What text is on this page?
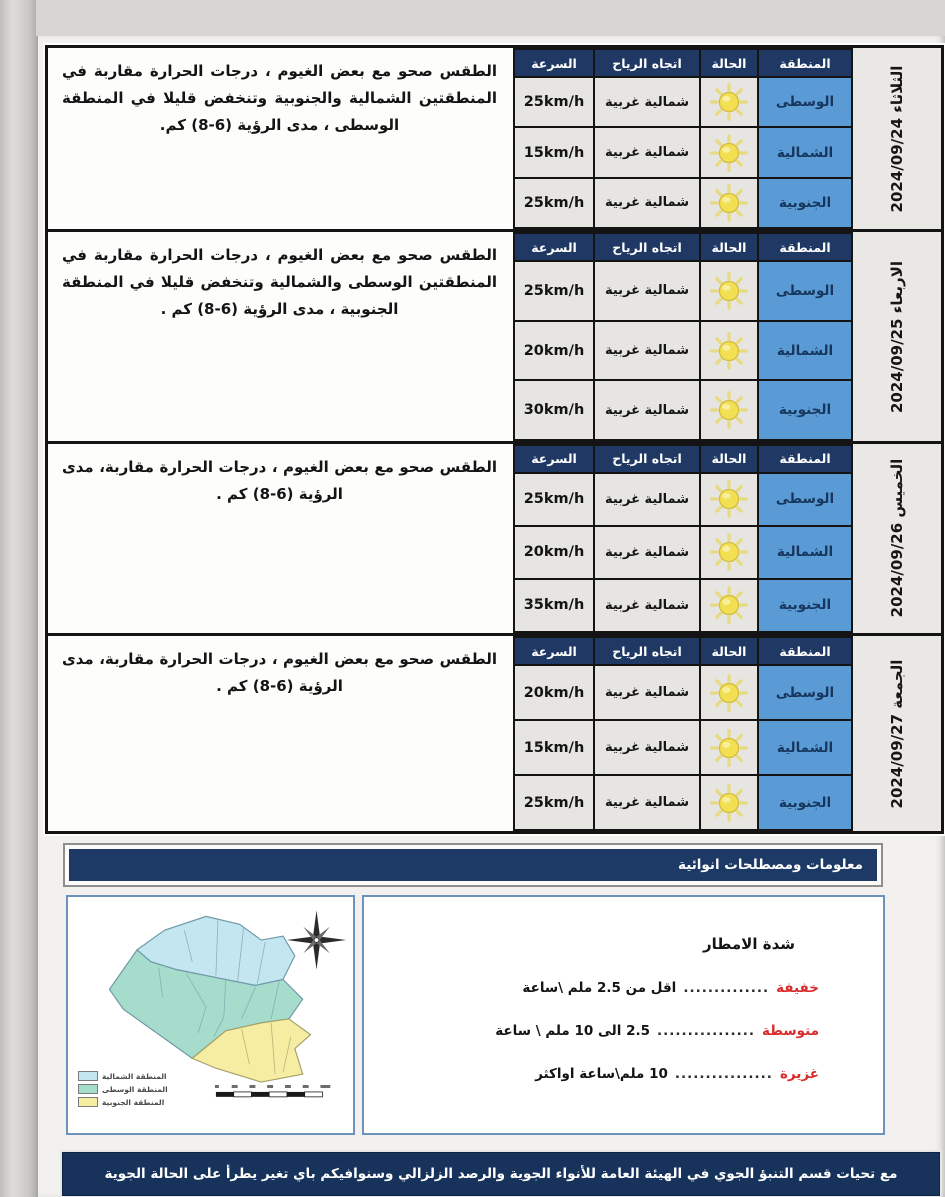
الثلاثاء 2024/09/24
المنطقة
الحالة
اتجاه الرياح
السرعة
الوسطى
شمالية غربية
25km/h
الشمالية
شمالية غربية
15km/h
الجنوبية
شمالية غربية
25km/h

الطقس صحو مع بعض الغيوم ، درجات الحرارة مقاربة في المنطقتين الشمالية والجنوبية وتنخفض قليلا في المنطقة الوسطى ، مدى الرؤية (6-8) كم.

الاربعاء 2024/09/25
المنطقة
الحالة
اتجاه الرياح
السرعة
الوسطى
شمالية غربية
25km/h
الشمالية
شمالية غربية
20km/h
الجنوبية
شمالية غربية
30km/h

الطقس صحو مع بعض الغيوم ، درجات الحرارة مقاربة في المنطقتين الوسطى والشمالية وتنخفض قليلا في المنطقة الجنوبية ، مدى الرؤية (6-8) كم .

الخميس 2024/09/26
المنطقة
الحالة
اتجاه الرياح
السرعة
الوسطى
شمالية غربية
25km/h
الشمالية
شمالية غربية
20km/h
الجنوبية
شمالية غربية
35km/h

الطقس صحو مع بعض الغيوم ، درجات الحرارة مقاربة، مدى الرؤية (6-8) كم .

الجمعة 2024/09/27
المنطقة
الحالة
اتجاه الرياح
السرعة
الوسطى
شمالية غربية
20km/h
الشمالية
شمالية غربية
15km/h
الجنوبية
شمالية غربية
25km/h

الطقس صحو مع بعض الغيوم ، درجات الحرارة مقاربة، مدى الرؤية (6-8) كم .

معلومات ومصطلحات انوائية
المنطقة الشمالية
المنطقة الوسطى
المنطقة الجنوبية
شدة الامطار
خفيفة
..............
اقل من 2.5 ملم \ساعة
متوسطة
................
2.5 الى 10 ملم \ ساعة
غزيرة
................
10 ملم\ساعة اواكثر
مع تحيات قسم التنبؤ الجوي في الهيئة العامة للأنواء الجوية والرصد الزلزالي وسنوافيكم باي تغير يطرأ على الحالة الجوية
